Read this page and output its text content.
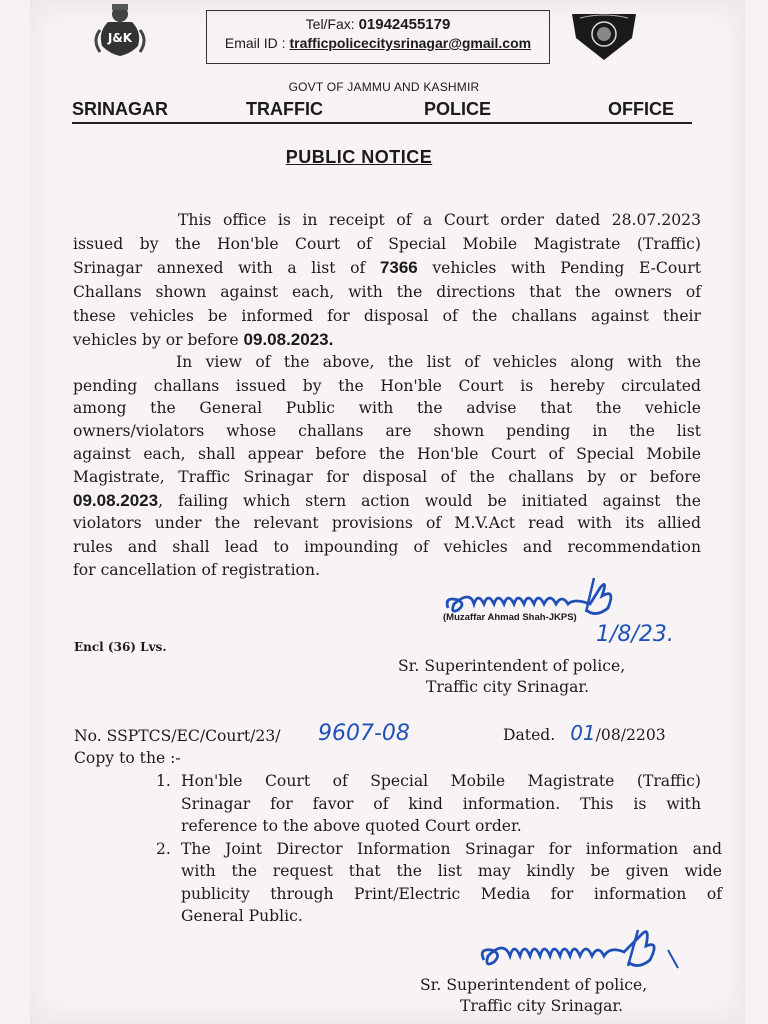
J&K
Tel/Fax: 01942455179
Email ID : trafficpolicecitysrinagar@gmail.com
GOVT OF JAMMU AND KASHMIR
SRINAGAR	TRAFFIC	POLICE	OFFICE
PUBLIC NOTICE
This office is in receipt of a Court order dated 28.07.2023
issued by the Hon'ble Court of Special Mobile Magistrate (Traffic)
Srinagar annexed with a list of 7366 vehicles with Pending E-Court
Challans shown against each, with the directions that the owners of
these vehicles be informed for disposal of the challans against their
vehicles by or before 09.08.2023.
In view of the above, the list of vehicles along with the
pending challans issued by the Hon'ble Court is hereby circulated
among the General Public with the advise that the vehicle
owners/violators whose challans are shown pending in the list
against each, shall appear before the Hon'ble Court of Special Mobile
Magistrate, Traffic Srinagar for disposal of the challans by or before
09.08.2023, failing which stern action would be initiated against the
violators under the relevant provisions of M.V.Act read with its allied
rules and shall lead to impounding of vehicles and recommendation
for cancellation of registration.
Encl (36) Lvs.
(Muzaffar Ahmad Shah-JKPS)
1/8/23.
Sr. Superintendent of police,
Traffic city Srinagar.
No. SSPTCS/EC/Court/23/ 9607-08	Dated. 01/08/2203
Copy to the :-
1. Hon'ble Court of Special Mobile Magistrate (Traffic)
Srinagar for favor of kind information. This is with
reference to the above quoted Court order.
2. The Joint Director Information Srinagar for information and
with the request that the list may kindly be given wide
publicity through Print/Electric Media for information of
General Public.
Sr. Superintendent of police,
Traffic city Srinagar.
